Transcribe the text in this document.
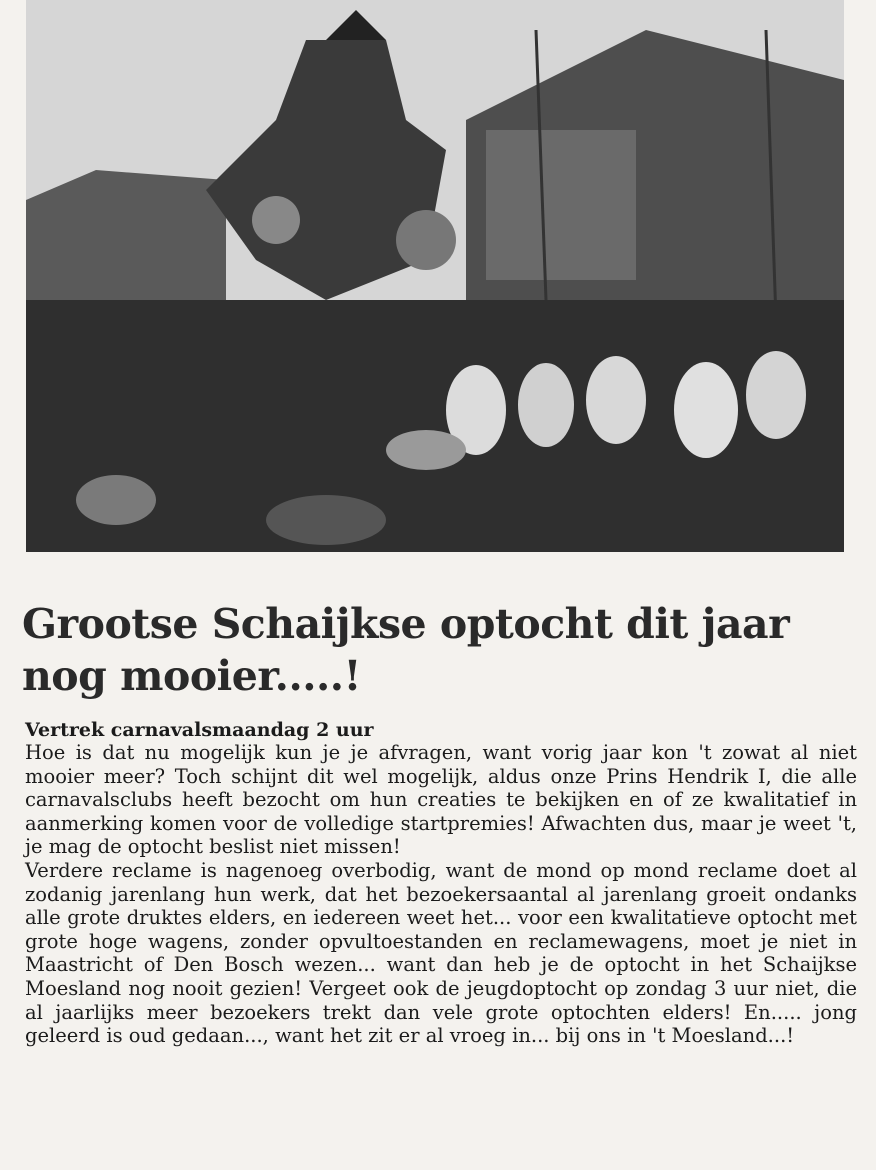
Grootse Schaijkse optocht dit jaar nog mooier.....!
Vertrek carnavalsmaandag 2 uur

Hoe is dat nu mogelijk kun je je afvragen, want vorig jaar kon 't zowat al niet mooier meer? Toch schijnt dit wel mogelijk, aldus onze Prins Hendrik I, die alle carnavalsclubs heeft bezocht om hun creaties te bekijken en of ze kwalitatief in aanmerking komen voor de volledige startpremies! Afwachten dus, maar je weet 't, je mag de optocht beslist niet missen!

Verdere reclame is nagenoeg overbodig, want de mond op mond reclame doet al zodanig jarenlang hun werk, dat het bezoekersaantal al jarenlang groeit ondanks alle grote druktes elders, en iedereen weet het... voor een kwalitatieve optocht met grote hoge wagens, zonder opvultoestanden en reclamewagens, moet je niet in Maastricht of Den Bosch wezen... want dan heb je de optocht in het Schaijkse Moesland nog nooit gezien! Vergeet ook de jeugdoptocht op zondag 3 uur niet, die al jaarlijks meer bezoekers trekt dan vele grote optochten elders! En..... jong geleerd is oud gedaan..., want het zit er al vroeg in... bij ons in 't Moesland...!
